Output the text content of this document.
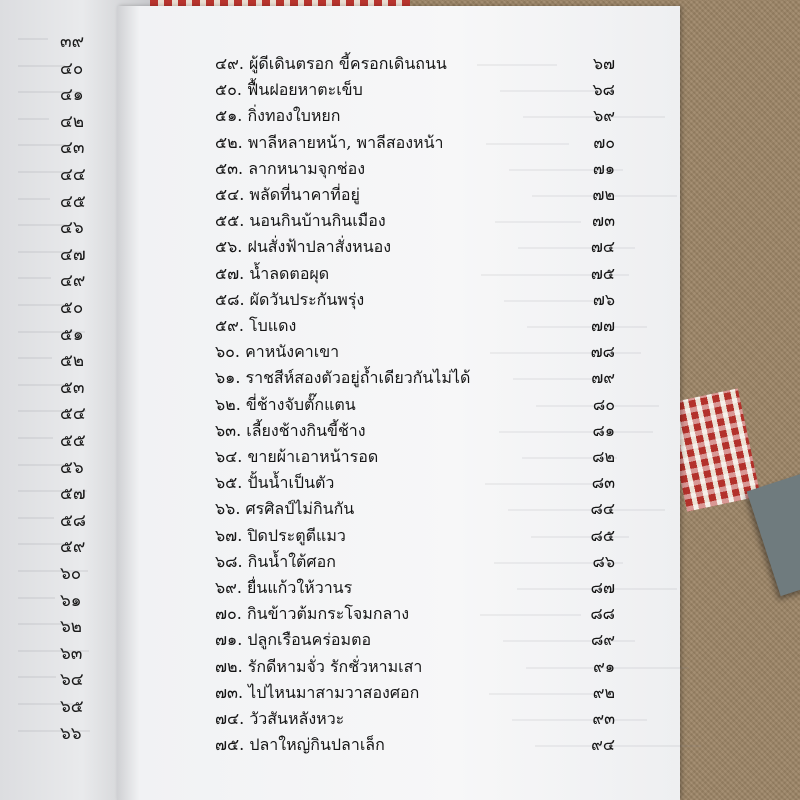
๔๙. ผู้ดีเดินตรอก ขี้ครอกเดินถนน	๖๗
๕๐. ฟื้นฝอยหาตะเข็บ	๖๘
๕๑. กิ่งทองใบหยก	๖๙
๕๒. พาลีหลายหน้า, พาลีสองหน้า	๗๐
๕๓. ลากหนามจุกช่อง	๗๑
๕๔. พลัดที่นาคาที่อยู่	๗๒
๕๕. นอนกินบ้านกินเมือง	๗๓
๕๖. ฝนสั่งฟ้าปลาสั่งหนอง	๗๔
๕๗. น้ำลดตอผุด	๗๕
๕๘. ผัดวันประกันพรุ่ง	๗๖
๕๙. โบแดง	๗๗
๖๐. คาหนังคาเขา	๗๘
๖๑. ราชสีห์สองตัวอยู่ถ้ำเดียวกันไม่ได้	๗๙
๖๒. ขี่ช้างจับตั๊กแตน	๘๐
๖๓. เลี้ยงช้างกินขี้ช้าง	๘๑
๖๔. ขายผ้าเอาหน้ารอด	๘๒
๖๕. ปั้นน้ำเป็นตัว	๘๓
๖๖. ศรศิลป์ไม่กินกัน	๘๔
๖๗. ปิดประตูตีแมว	๘๕
๖๘. กินน้ำใต้ศอก	๘๖
๖๙. ยื่นแก้วให้วานร	๘๗
๗๐. กินข้าวต้มกระโจมกลาง	๘๘
๗๑. ปลูกเรือนคร่อมตอ	๘๙
๗๒. รักดีหามจั่ว รักชั่วหามเสา	๙๑
๗๓. ไปไหนมาสามวาสองศอก	๙๒
๗๔. วัวสันหลังหวะ	๙๓
๗๕. ปลาใหญ่กินปลาเล็ก	๙๔
๓๙
๔๐
๔๑
๔๒
๔๓
๔๔
๔๕
๔๖
๔๗
๔๙
๕๐
๕๑
๕๒
๕๓
๕๔
๕๕
๕๖
๕๗
๕๘
๕๙
๖๐
๖๑
๖๒
๖๓
๖๔
๖๕
๖๖
